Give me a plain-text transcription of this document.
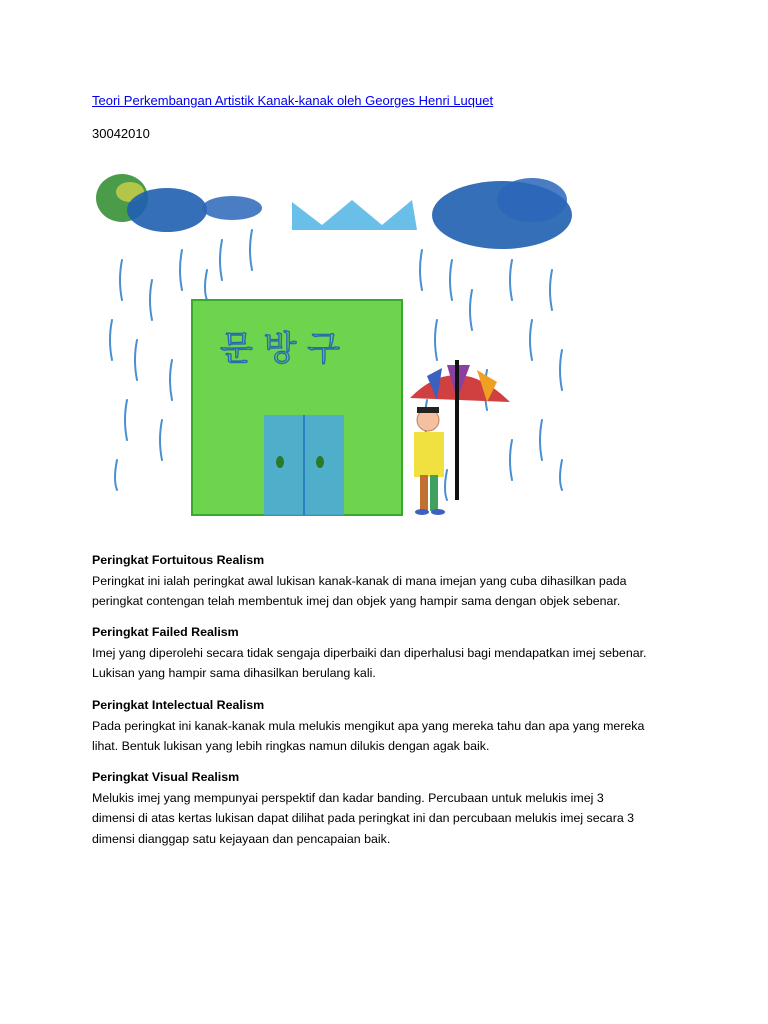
Teori Perkembangan Artistik Kanak-kanak oleh Georges Henri Luquet
30042010
문 방 구
Peringkat Fortuitous Realism

Peringkat ini ialah peringkat awal lukisan kanak-kanak di mana imejan yang cuba dihasilkan pada

peringkat contengan telah membentuk imej dan objek yang hampir sama dengan objek sebenar.

Peringkat Failed Realism

Imej yang diperolehi secara tidak sengaja diperbaiki dan diperhalusi bagi mendapatkan imej sebenar.

Lukisan yang hampir sama dihasilkan berulang kali.

Peringkat Intelectual Realism

Pada peringkat ini kanak-kanak mula melukis mengikut apa yang mereka tahu dan apa yang mereka

lihat. Bentuk lukisan yang lebih ringkas namun dilukis dengan agak baik.

Peringkat Visual Realism

Melukis imej yang mempunyai perspektif dan kadar banding. Percubaan untuk melukis imej 3

dimensi di atas kertas lukisan dapat dilihat pada peringkat ini dan percubaan melukis imej secara 3

dimensi dianggap satu kejayaan dan pencapaian baik.
